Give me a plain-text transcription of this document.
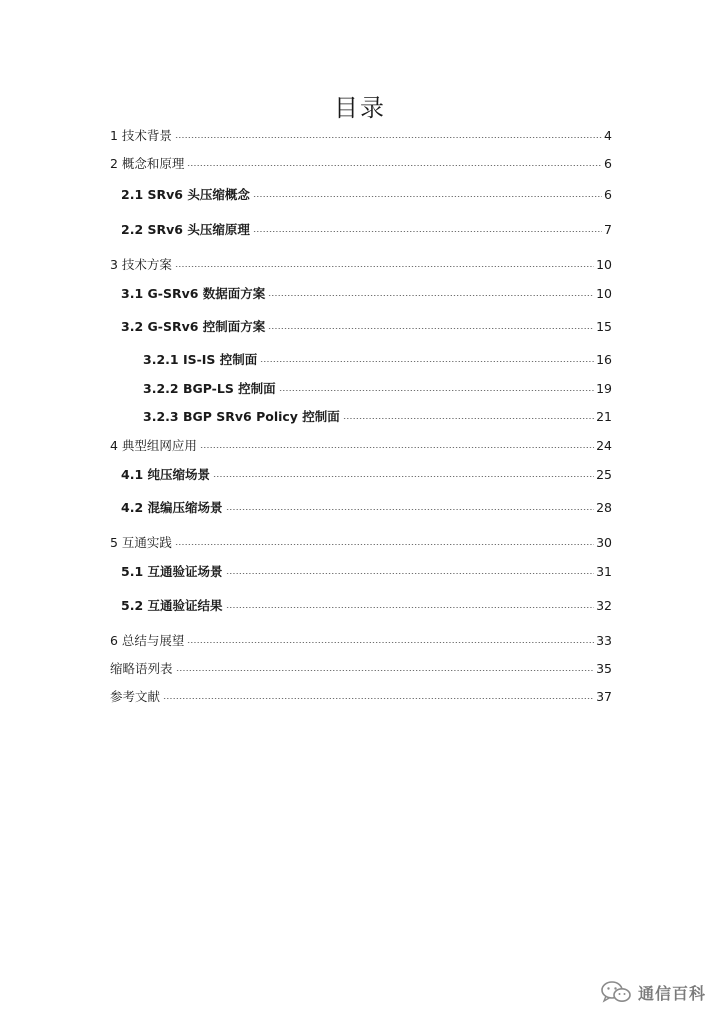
目录
1 技术背景	4
2 概念和原理	6
2.1 SRv6 头压缩概念	6
2.2 SRv6 头压缩原理	7
3 技术方案	10
3.1 G-SRv6 数据面方案	10
3.2 G-SRv6 控制面方案	15
3.2.1 IS-IS 控制面	16
3.2.2 BGP-LS 控制面	19
3.2.3 BGP SRv6 Policy 控制面	21
4 典型组网应用	24
4.1 纯压缩场景	25
4.2 混编压缩场景	28
5 互通实践	30
5.1 互通验证场景	31
5.2 互通验证结果	32
6 总结与展望	33
缩略语列表	35
参考文献	37
通信百科
